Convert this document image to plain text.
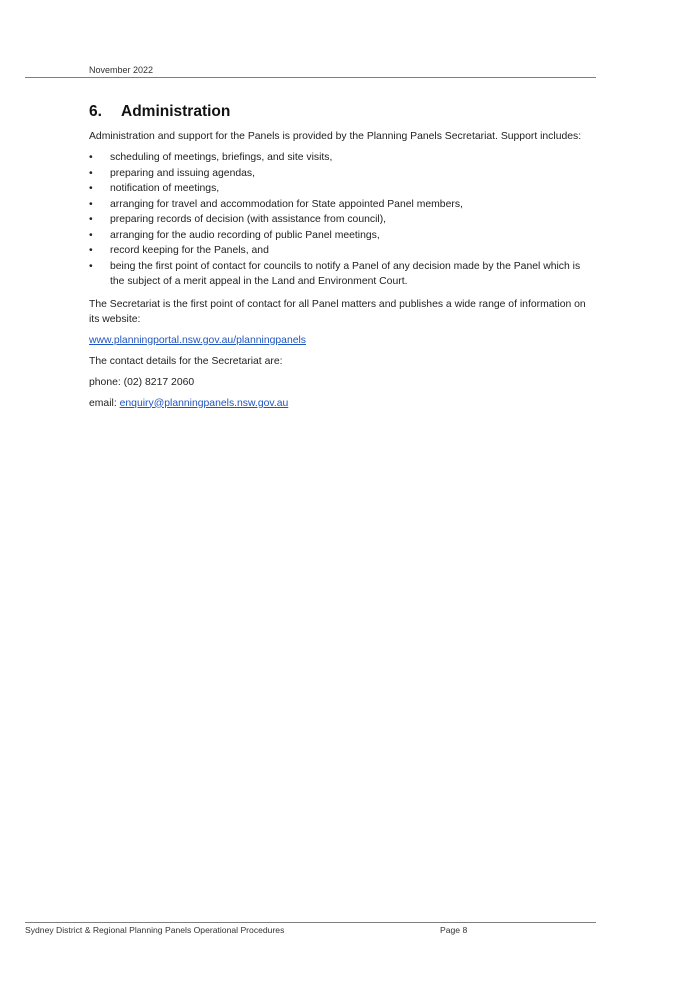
November 2022
6. Administration

Administration and support for the Panels is provided by the Planning Panels Secretariat. Support includes:

• scheduling of meetings, briefings, and site visits,
• preparing and issuing agendas,
• notification of meetings,
• arranging for travel and accommodation for State appointed Panel members,
• preparing records of decision (with assistance from council),
• arranging for the audio recording of public Panel meetings,
• record keeping for the Panels, and
• being the first point of contact for councils to notify a Panel of any decision made by the Panel which is the subject of a merit appeal in the Land and Environment Court.

The Secretariat is the first point of contact for all Panel matters and publishes a wide range of information on its website:

www.planningportal.nsw.gov.au/planningpanels

The contact details for the Secretariat are:

phone: (02) 8217 2060

email: enquiry@planningpanels.nsw.gov.au

Sydney District & Regional Planning Panels Operational Procedures	Page 8
